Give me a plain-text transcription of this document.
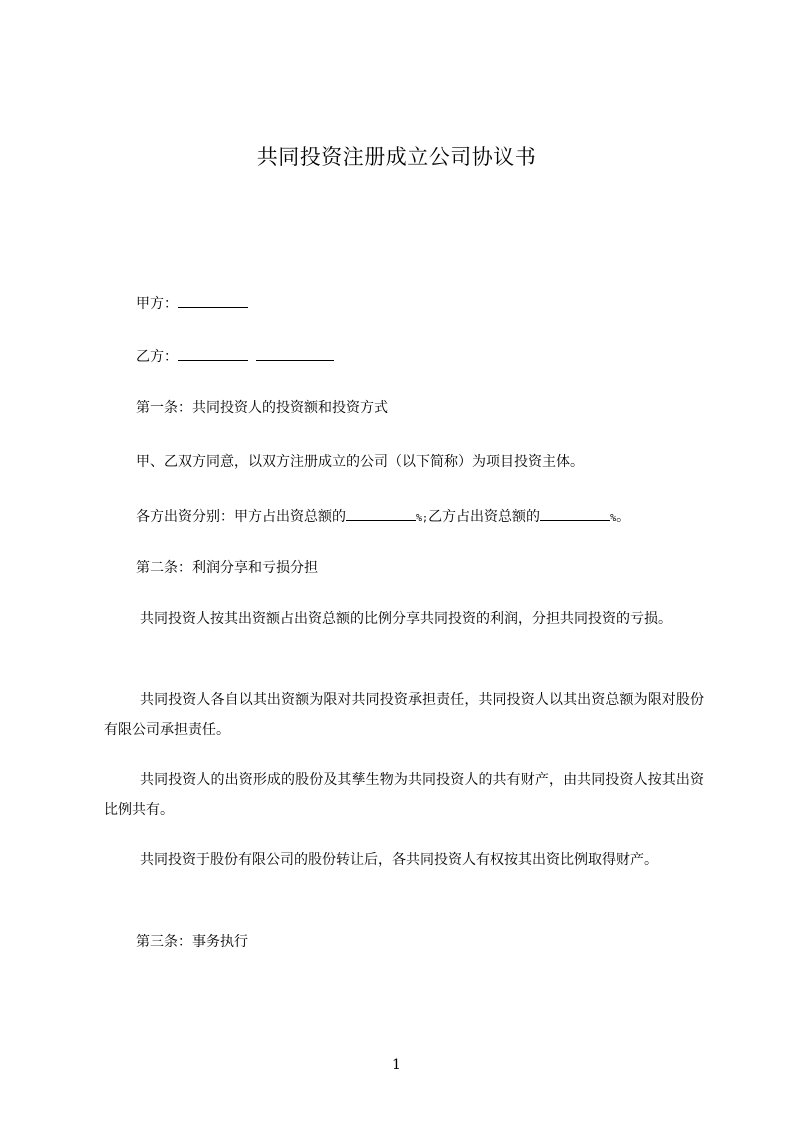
共同投资注册成立公司协议书
甲方：
乙方：
第一条：共同投资人的投资额和投资方式
甲、乙双方同意，以双方注册成立的公司（以下简称）为项目投资主体。
各方出资分别：甲方占出资总额的	%;乙方占出资总额的	%。
第二条：利润分享和亏损分担
共同投资人按其出资额占出资总额的比例分享共同投资的利润，分担共同投资的亏损。
共同投资人各自以其出资额为限对共同投资承担责任，共同投资人以其出资总额为限对股份有限公司承担责任。
共同投资人的出资形成的股份及其孳生物为共同投资人的共有财产，由共同投资人按其出资比例共有。
共同投资于股份有限公司的股份转让后，各共同投资人有权按其出资比例取得财产。
第三条：事务执行
1
